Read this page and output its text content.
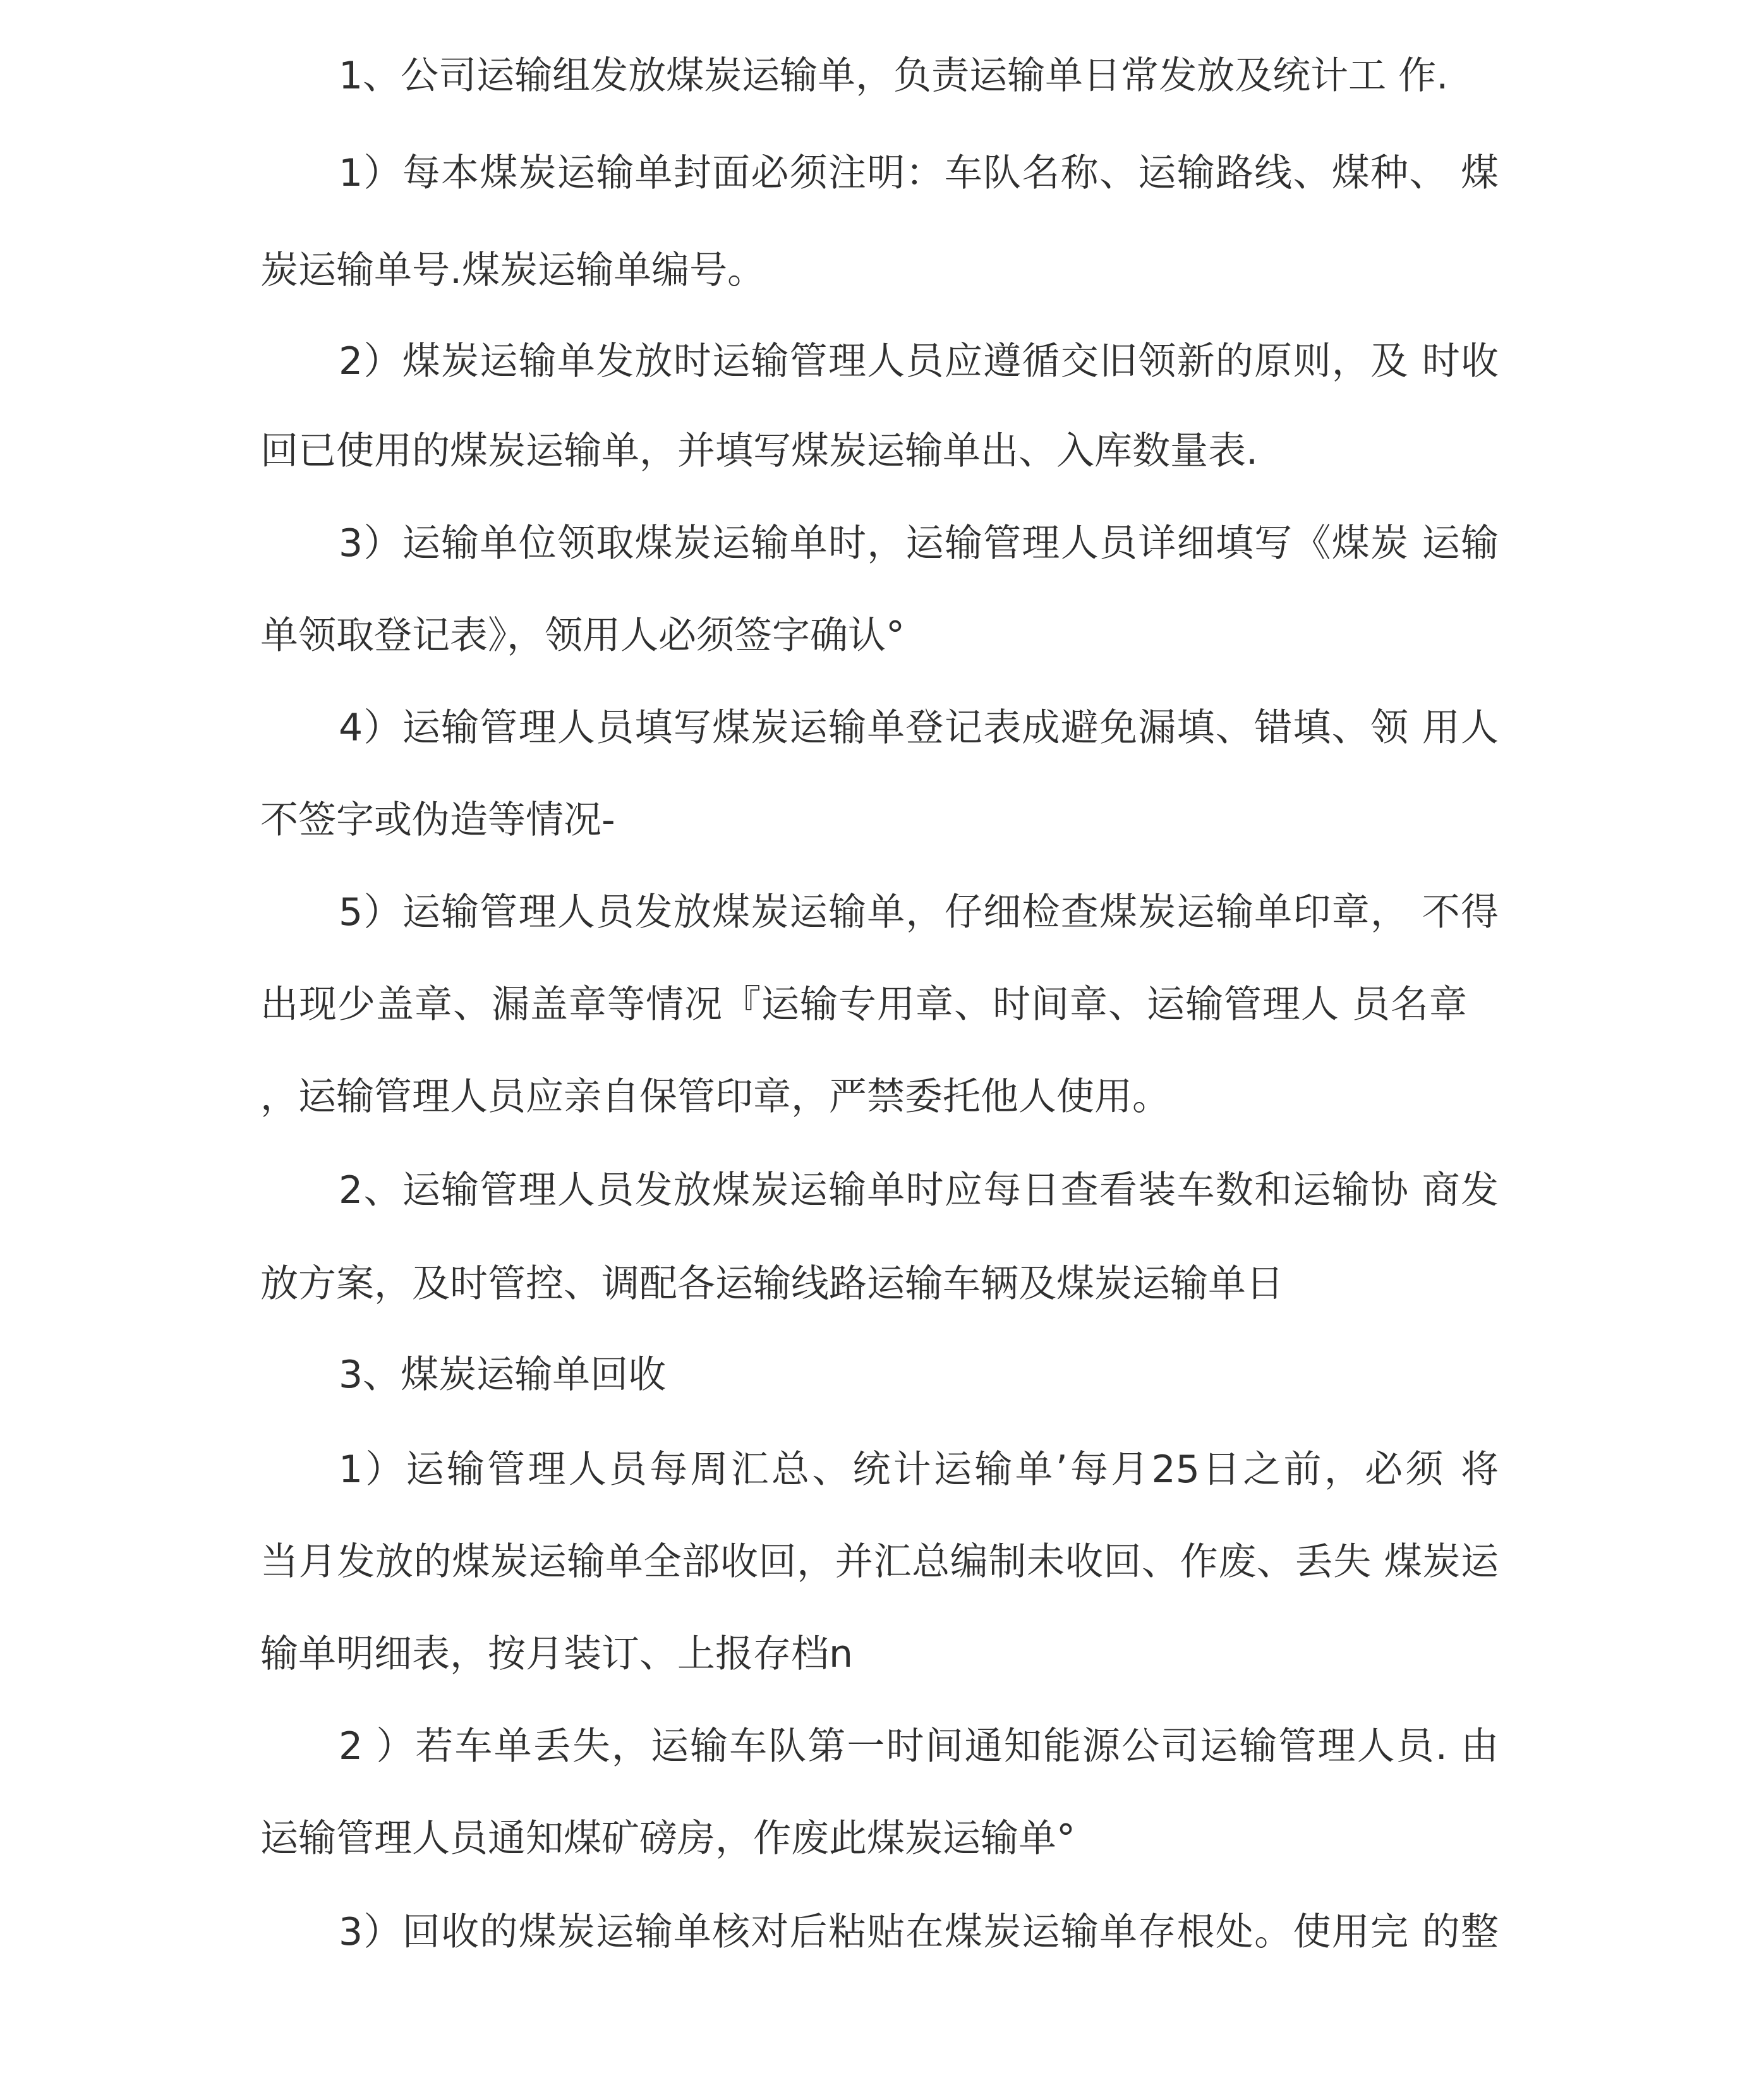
1、公司运输组发放煤炭运输单，负责运输单日常发放及统计工 作.
1）每本煤炭运输单封面必须注明：车队名称、运输路线、煤种、 煤
炭运输单号.煤炭运输单编号。
2）煤炭运输单发放时运输管理人员应遵循交旧领新的原则，及 时收
回已使用的煤炭运输单，并填写煤炭运输单出、入库数量表.
3）运输单位领取煤炭运输单时，运输管理人员详细填写《煤炭 运输
单领取登记表》，领用人必须签字确认°
4）运输管理人员填写煤炭运输单登记表成避免漏填、错填、领 用人
不签字或伪造等情况-
5）运输管理人员发放煤炭运输单，仔细检查煤炭运输单印章， 不得
出现少盖章、漏盖章等情况『运输专用章、时间章、运输管理人 员名章
，运输管理人员应亲自保管印章，严禁委托他人使用。
2、运输管理人员发放煤炭运输单时应每日查看装车数和运输协 商发
放方案，及时管控、调配各运输线路运输车辆及煤炭运输单日
3、煤炭运输单回收
1）运输管理人员每周汇总、统计运输单’每月25日之前，必须 将
当月发放的煤炭运输单全部收回，并汇总编制未收回、作废、丢失 煤炭运
输单明细表，按月装订、上报存档n
2 ）若车单丢失，运输车队第一时间通知能源公司运输管理人员. 由
运输管理人员通知煤矿磅房，作废此煤炭运输单°
3）回收的煤炭运输单核对后粘贴在煤炭运输单存根处。使用完 的整
